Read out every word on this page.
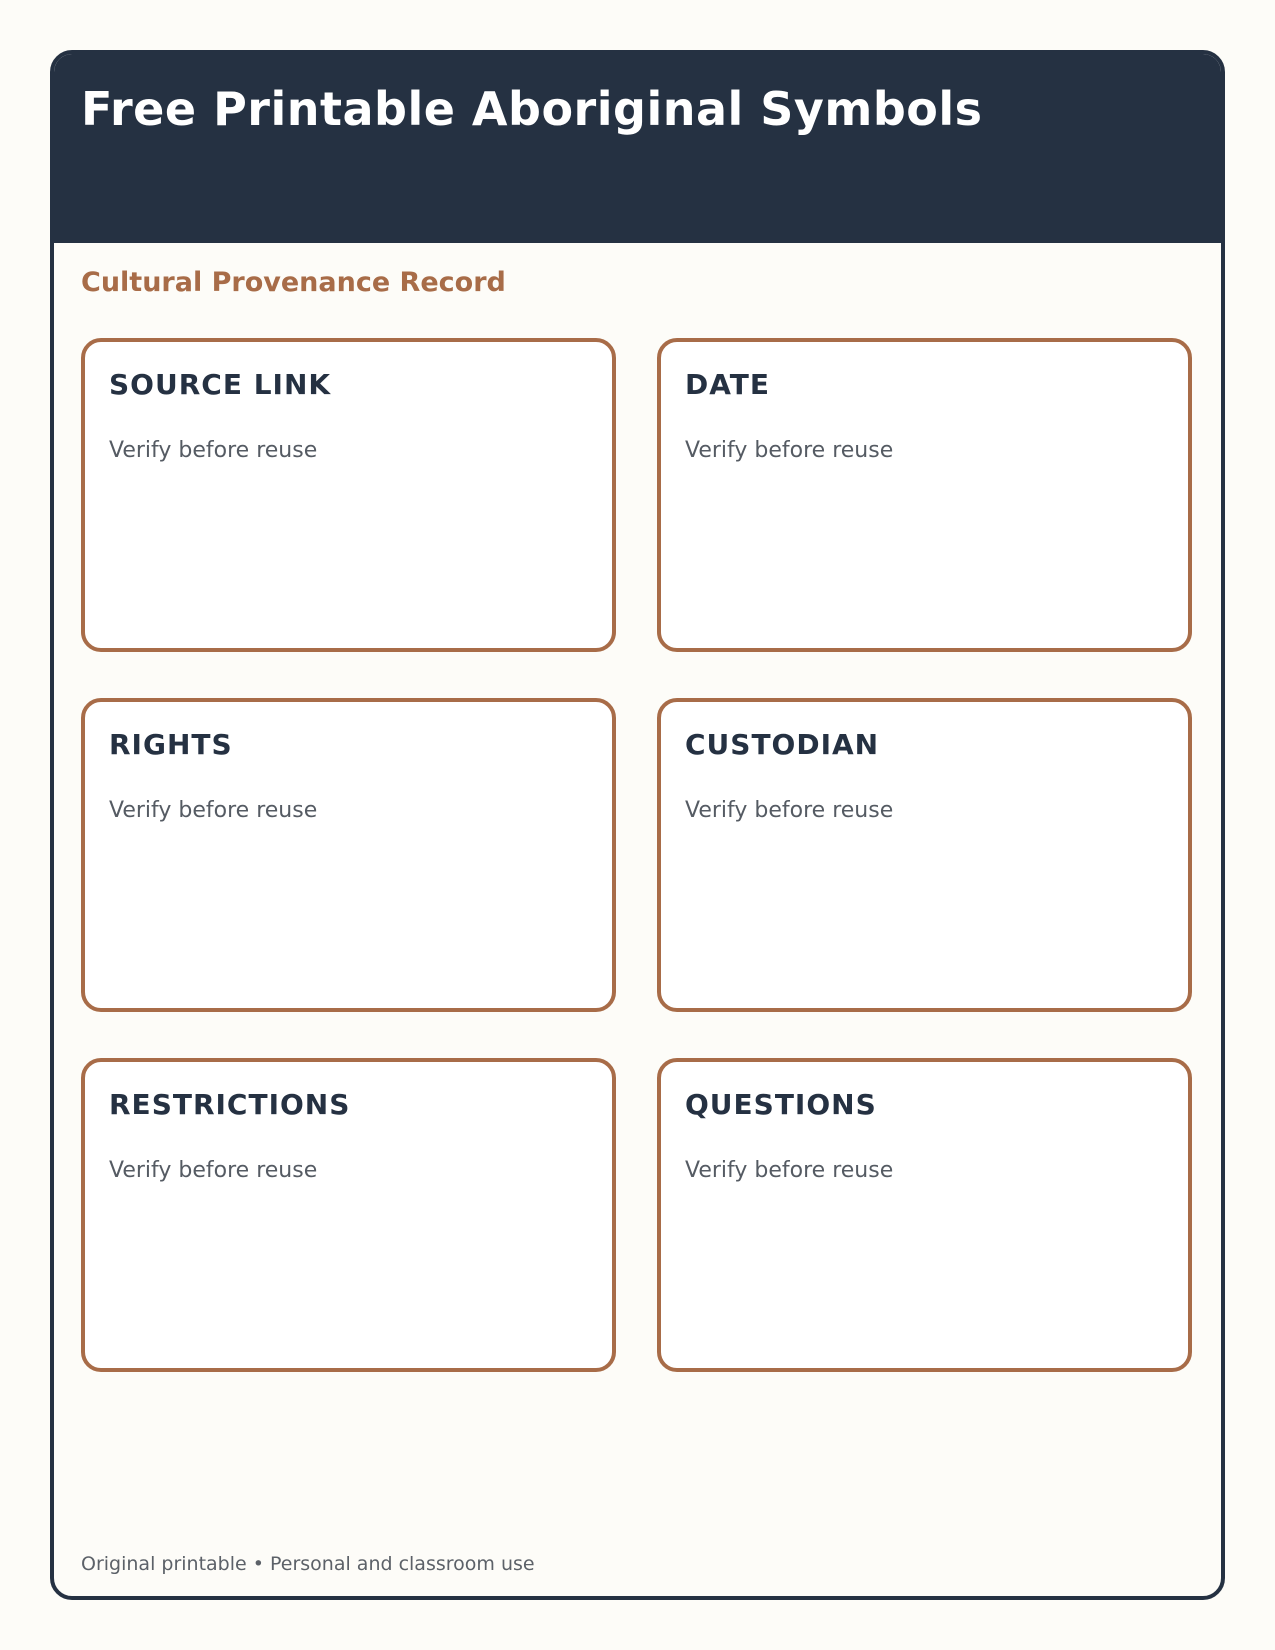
Free Printable Aboriginal Symbols
Cultural Provenance Record
SOURCE LINK
Verify before reuse
DATE
Verify before reuse
RIGHTS
Verify before reuse
CUSTODIAN
Verify before reuse
RESTRICTIONS
Verify before reuse
QUESTIONS
Verify before reuse
Original printable • Personal and classroom use
